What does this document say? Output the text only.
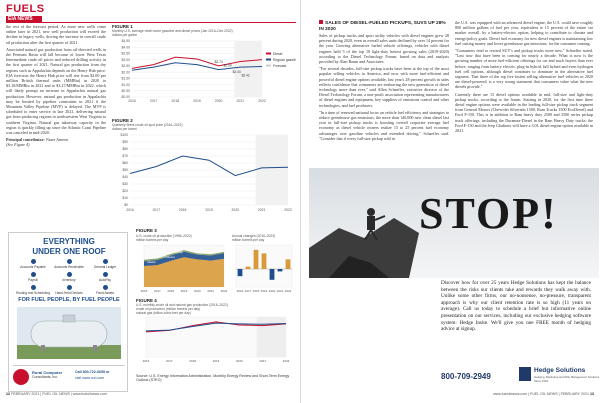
FUELS
EIA NEWS

the rest of the forecast period. As more new wells come online later in 2021, new well production will exceed the decline in legacy wells, driving the increase in overall crude oil production after the first quarter of 2021.

Associated natural gas production from oil-directed wells in the Permian Basin will fall because of lower West Texas Intermediate crude oil prices and reduced drilling activity in the first quarter of 2021. Natural gas production from dry regions such as Appalachia depends on the Henry Hub price. EIA forecasts the Henry Hub price will rise from $2.00 per million British thermal units (MMBtu) in 2020 to $3.10/MMBtu in 2021 and to $3.27/MMBtu in 2022, which will likely prompt an increase in Appalachia natural gas production. However, natural gas production in Appalachia may be limited by pipeline constraints in 2021 if the Mountain Valley Pipeline (MVP) is delayed. The MVP is scheduled to enter service in late 2021, delivering natural gas from producing regions in northwestern West Virginia to southern Virginia. Natural gas takeaway capacity in the region is quickly filling up since the Atlantic Coast Pipeline was canceled in mid-2020.

Principal contributor: Naser Ameen
(See Figure 4)

FIGURE 1
Monthly U.S. average retail motor gasoline and diesel prices (Jan 2016–Dec 2022)
dollars per gallon
$4.50
$4.00
$3.50
$3.00
$2.50
$2.00
$1.50
$1.00
$0.50
$0.00
2016	2017	2018	2019	2020	2021	2022
$2.74
$2.50
$2.44
$2.42
Diesel
Regular gasoline
Forecast
FIGURE 2
Quarterly Brent crude oil spot price (2016–2022)
dollars per barrel
$100
$90
$80
$70
$60
$50
$40
$30
$20
$10
$0
2016	2017	2018	2019	2020	2021	2022
EVERYTHING
UNDER ONE ROOF
Accounts Payable	Accounts Receivable	General Ledger
Payroll	Inventory	AutoPay
Routing and Scheduling	Hand-Held Devices	Fixed Assets
FOR FUEL PEOPLE, BY FUEL PEOPLE
Rural Computer
Consultants, Inc.
Call 800-722-6659 or
visit www.rcci.com
12 FEBRUARY 2021 | FUEL OIL NEWS | www.fueloilnews.com
SALES OF DIESEL-FUELED PICKUPS, SUVS UP 28% IN 2020

Sales of pickup trucks and sport utility vehicles with diesel engines grew 28 percent during 2020, even as overall sales units declined by over 14 percent for the year. Growing alternative fueled vehicle offerings, vehicles with diesel engines held 5 of the top 10 light-duty hottest growing sales (2019-2020) according to the Diesel Technology Forum, based on data and analysis provided by Alan Baum and Associates.

"For several decades, full-size pickup trucks have been at the top of the most popular selling vehicles in America, and now with more fuel-efficient and powerful diesel engine options available, last year's 28 percent growth in sales reflects confidence that consumers are embracing the new generation of diesel technology more than ever," said Allen Schaeffer, executive director of the Diesel Technology Forum, a non-profit association representing manufacturers of diesel engines and equipment, key suppliers of emissions control and other technologies, and fuel producers.

"In a time of renewed national focus on vehicle fuel efficiency and strategies to reduce greenhouse gas emissions, the more than 140,000 new clean diesel last year in full-size pickup trucks is boosting overall corporate average fuel economy as diesel vehicle owners realize 15 to 25 percent fuel economy advantages over gasoline vehicles and extended driving," Schaeffer said. "Consider that if every full-size pickup sold in

the U.S. was equipped with an advanced diesel engine, the U.S. could save roughly 800 million gallons of fuel per year, equivalent to 15 percent of the entire car market overall, by a battery-electric option, helping to contribute to climate and energy/policy goals. Diesel fuel economy for new diesel engines is maintaining low fuel cutting money and lower greenhouse gas emissions, for the consumer coming.

"Consumers tend to reward SUV's and pickup trucks more new," Schaeffer noted. "Last now that have been in coming for nearly a decade. What is now is the growing number of more fuel-efficient offerings for car and truck buyers than ever before, ranging from battery electric, plug-in hybrid, full hybrid and even hydrogen fuel cell options, although diesel continues to dominate in the alternative fuel segment. That three of the top five fastest selling alternative fuel vehicles in 2020 are diesel-powered, is a very strong statement that consumers value what the new diesels provide."

Currently there are 15 diesel options available in mid, full-size and light-duty pickup trucks, according to the forum. Starting in 2020, for the first time three diesel engine options were available in the leading full-size pickup truck segment from General Motors (Chevrolet Silverado 1500, Ram Trucks 1500 EcoDiesel) and Ford F-150. This is in addition to Ram heavy duty 2500 and 3500 series pickup truck offerings, including the Duramax-Diesel in the Ram Heavy Duty trucks; the Ford F-150 and the Jeep Gladiator will have a 3.0L diesel engine option available in 2021.

STOP!
Discover how for over 25 years Hedge Solutions has kept the balance between the risks our clients take and rewards they walk away with. Unlike some other firms, our no-nonsense, no-pressure, transparent approach is why our client retention rate is so high (11 years on average). Call us today to schedule a brief but informative online presentation on our services, including our exclusive hedging software system: Hedge Insite. We'll give you one FREE month of hedging advice at signup.
800-709-2949
Hedge Solutions
Hedging, Marketing and Risk Management Solutions Since 1993
www.fueloilnews.com | FUEL OIL NEWS | FEBRUARY 2021 13
FIGURE 3
U.S. crude oil production (1996–2022)
million barrels per day
Annual changes (2016–2022)
million barrels per day
2016 2017 2018 2019 2020 2021 2022
Lower 48 states (excl. GOM)
Federal Gulf of Mexico
Alaska
2016 2017 2018 2019 2020 2021 2022
FIGURE 4
U.S. monthly crude oil and natural gas production (2016–2022)
crude oil production (million barrels per day)
natural gas (billion cubic feet per day)
2016	2017	2018	2019	2020	2021	2022
Source: U.S. Energy Information Administration, Monthly Energy Review and Short-Term Energy Outlook (STEO)
